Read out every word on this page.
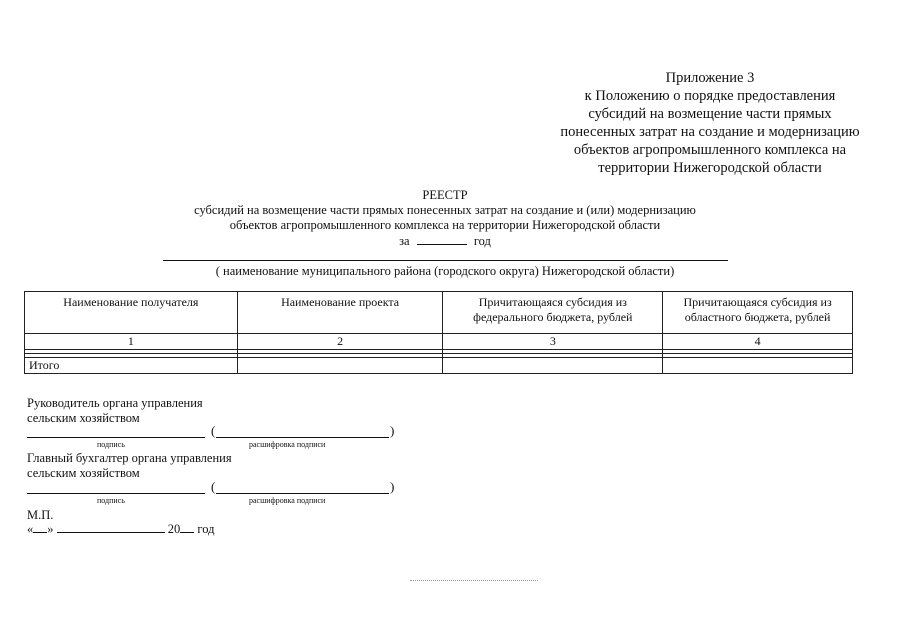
Приложение 3
к Положению о порядке предоставления
субсидий на возмещение части прямых
понесенных затрат на создание и модернизацию
объектов агропромышленного комплекса на
территории Нижегородской области
РЕЕСТР
субсидий на возмещение части прямых понесенных затрат на создание и (или) модернизацию
объектов агропромышленного комплекса на территории Нижегородской области
за	год
( наименование муниципального района (городского округа) Нижегородской области)
Наименование получателя	Наименование проекта	Причитающаяся субсидия из федерального бюджета, рублей	Причитающаяся субсидия из областного бюджета, рублей
1	2	3	4

Итого			
Руководитель органа управления
сельским хозяйством
(	)
подпись	расшифровка подписи
Главный бухгалтер органа управления
сельским хозяйством
(	)
подпись	расшифровка подписи
М.П.
« »	20 год
